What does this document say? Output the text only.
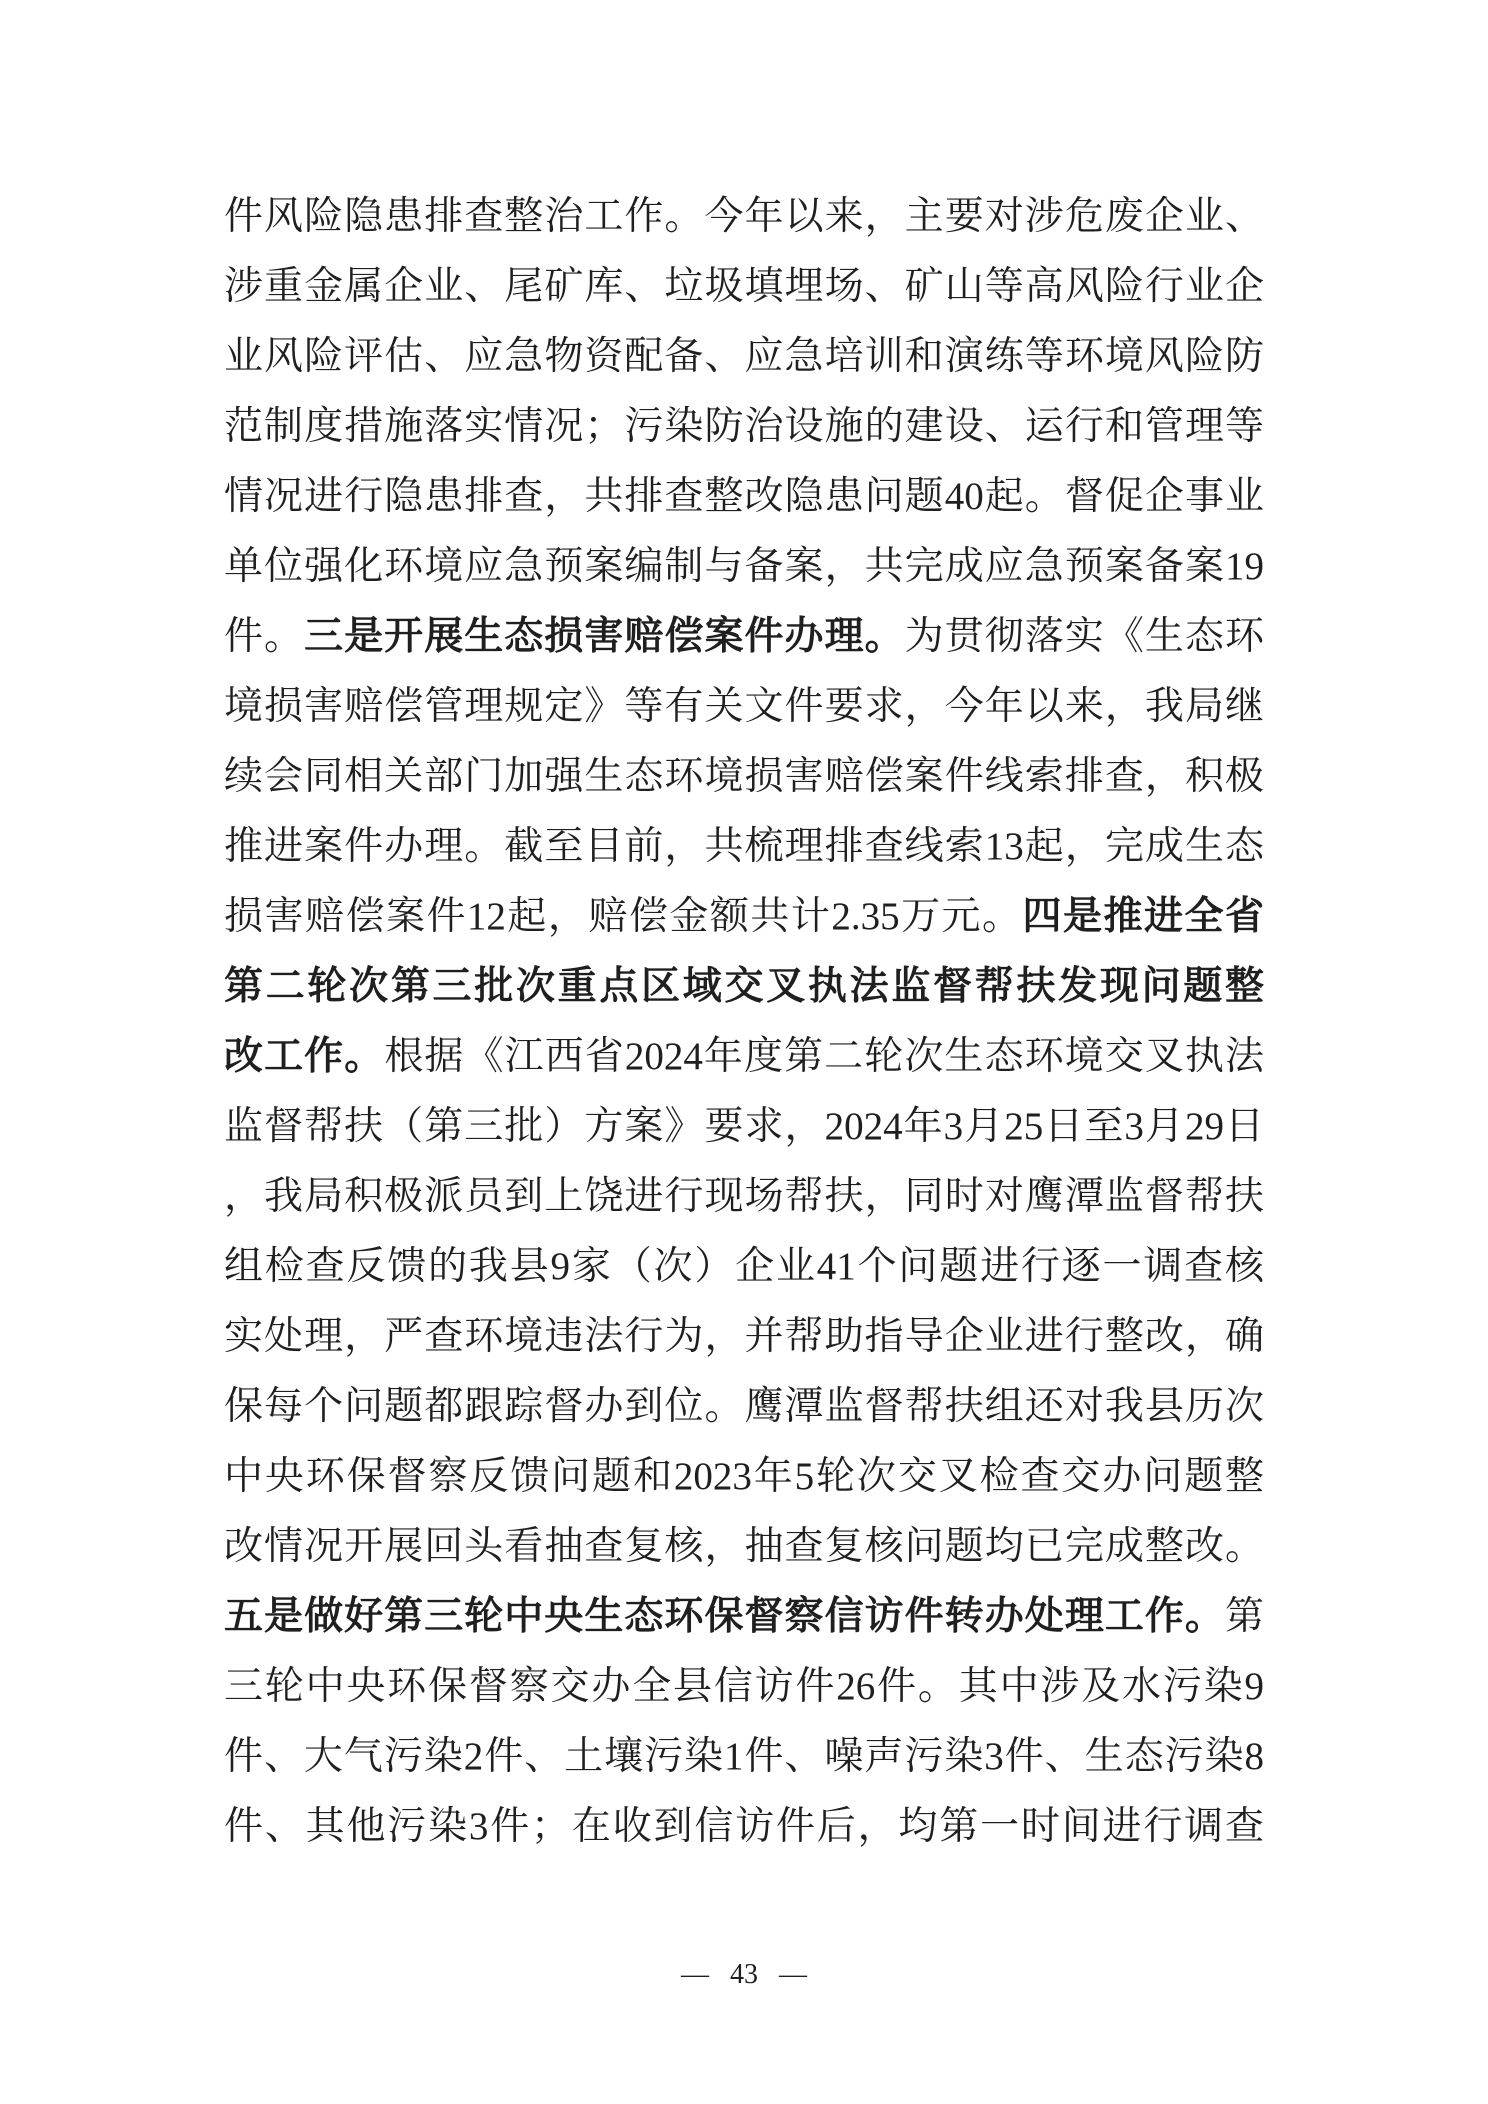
件风险隐患排查整治工作。今年以来，主要对涉危废企业、
涉重金属企业、尾矿库、垃圾填埋场、矿山等高风险行业企
业风险评估、应急物资配备、应急培训和演练等环境风险防
范制度措施落实情况；污染防治设施的建设、运行和管理等
情况进行隐患排查，共排查整改隐患问题40起。督促企事业
单位强化环境应急预案编制与备案，共完成应急预案备案19
件。三是开展生态损害赔偿案件办理。为贯彻落实《生态环
境损害赔偿管理规定》等有关文件要求，今年以来，我局继
续会同相关部门加强生态环境损害赔偿案件线索排查，积极
推进案件办理。截至目前，共梳理排查线索13起，完成生态
损害赔偿案件12起，赔偿金额共计2.35万元。四是推进全省
第二轮次第三批次重点区域交叉执法监督帮扶发现问题整
改工作。根据《江西省2024年度第二轮次生态环境交叉执法
监督帮扶（第三批）方案》要求，2024年3月25日至3月29日
，我局积极派员到上饶进行现场帮扶，同时对鹰潭监督帮扶
组检查反馈的我县9家（次）企业41个问题进行逐一调查核
实处理，严查环境违法行为，并帮助指导企业进行整改，确
保每个问题都跟踪督办到位。鹰潭监督帮扶组还对我县历次
中央环保督察反馈问题和2023年5轮次交叉检查交办问题整
改情况开展回头看抽查复核，抽查复核问题均已完成整改。
五是做好第三轮中央生态环保督察信访件转办处理工作。第
三轮中央环保督察交办全县信访件26件。其中涉及水污染9
件、大气污染2件、土壤污染1件、噪声污染3件、生态污染8
件、其他污染3件；在收到信访件后，均第一时间进行调查
— 43 —
